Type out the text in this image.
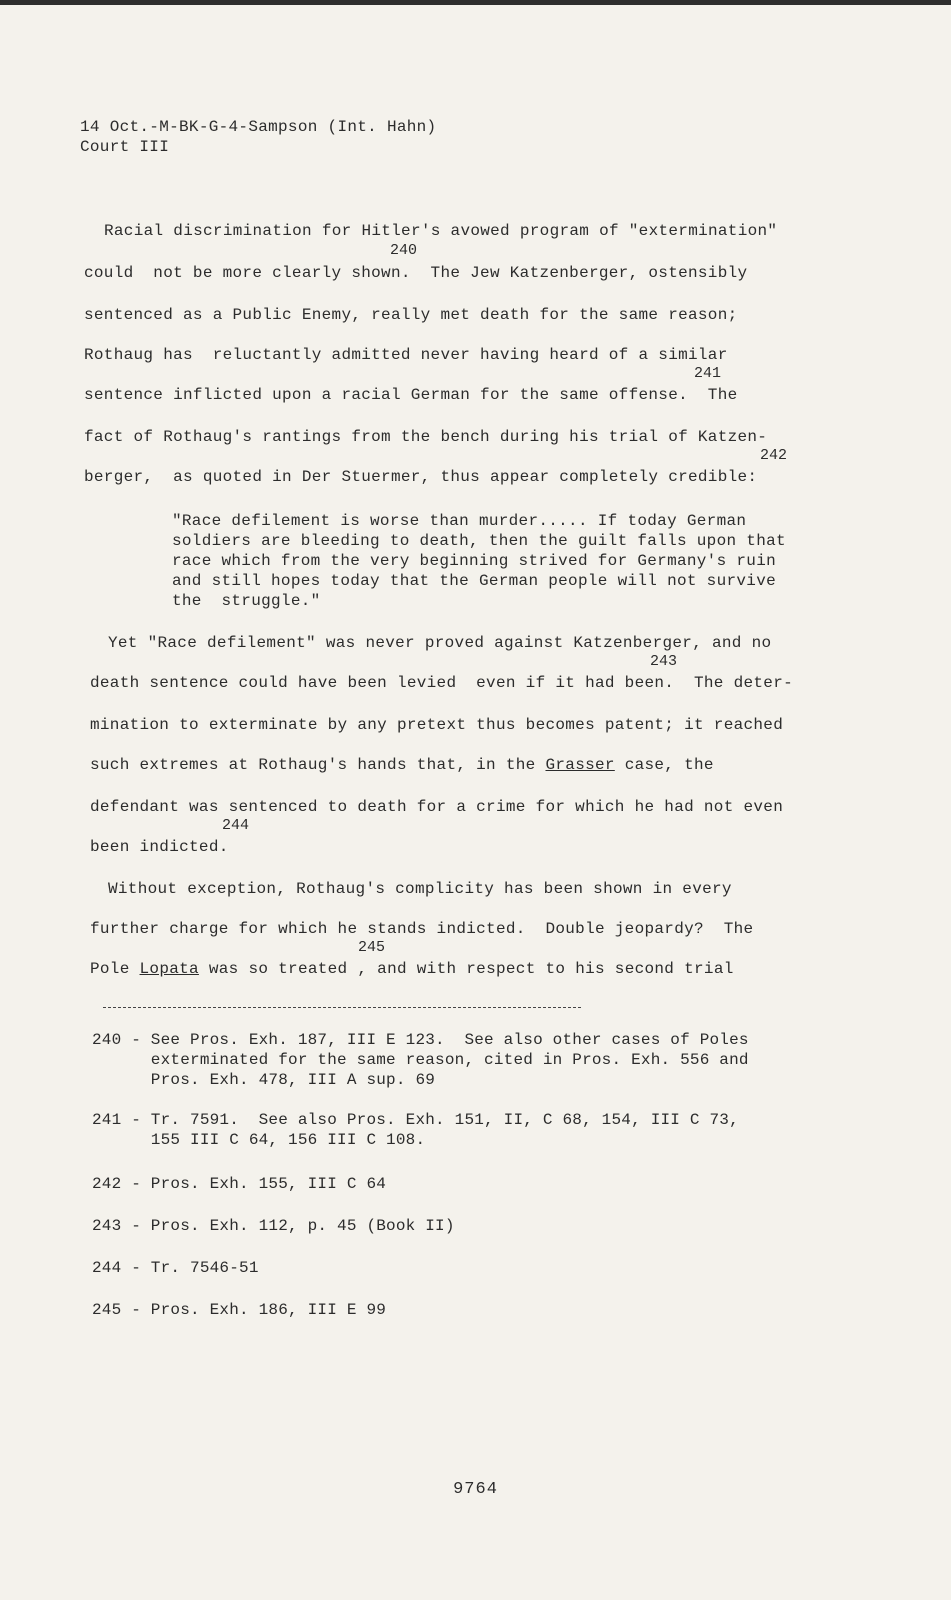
14 Oct.-M-BK-G-4-Sampson (Int. Hahn)
Court III
Racial discrimination for Hitler's avowed program of "extermination"
240
could  not be more clearly shown.  The Jew Katzenberger, ostensibly
sentenced as a Public Enemy, really met death for the same reason;
Rothaug has  reluctantly admitted never having heard of a similar
241
sentence inflicted upon a racial German for the same offense.  The
fact of Rothaug's rantings from the bench during his trial of Katzen-
242
berger,  as quoted in Der Stuermer, thus appear completely credible:
"Race defilement is worse than murder..... If today German
soldiers are bleeding to death, then the guilt falls upon that
race which from the very beginning strived for Germany's ruin
and still hopes today that the German people will not survive
the  struggle."
Yet "Race defilement" was never proved against Katzenberger, and no
243
death sentence could have been levied  even if it had been.  The deter-
mination to exterminate by any pretext thus becomes patent; it reached
such extremes at Rothaug's hands that, in the Grasser case, the
defendant was sentenced to death for a crime for which he had not even
244
been indicted.
Without exception, Rothaug's complicity has been shown in every
further charge for which he stands indicted.  Double jeopardy?  The
245
Pole Lopata was so treated , and with respect to his second trial
240 - See Pros. Exh. 187, III E 123.  See also other cases of Poles
exterminated for the same reason, cited in Pros. Exh. 556 and
Pros. Exh. 478, III A sup. 69
241 - Tr. 7591.  See also Pros. Exh. 151, II, C 68, 154, III C 73,
155 III C 64, 156 III C 108.
242 - Pros. Exh. 155, III C 64
243 - Pros. Exh. 112, p. 45 (Book II)
244 - Tr. 7546-51
245 - Pros. Exh. 186, III E 99
9764
